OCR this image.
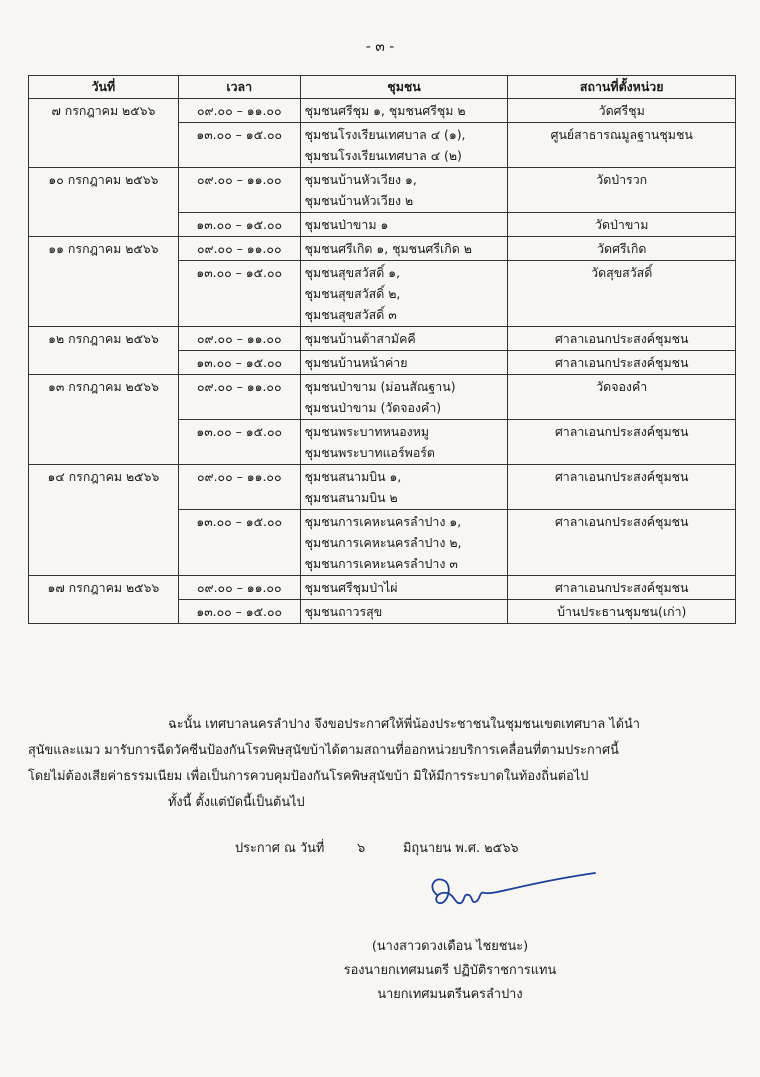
- ๓ -
วันที่	เวลา	ชุมชน	สถานที่ตั้งหน่วย
๗ กรกฎาคม ๒๕๖๖	๐๙.๐๐ – ๑๑.๐๐	ชุมชนศรีชุม ๑, ชุมชนศรีชุม ๒	วัดศรีชุม
	๑๓.๐๐ – ๑๕.๐๐	ชุมชนโรงเรียนเทศบาล ๔ (๑),
ชุมชนโรงเรียนเทศบาล ๔ (๒)	ศูนย์สาธารณมูลฐานชุมชน
๑๐ กรกฎาคม ๒๕๖๖	๐๙.๐๐ – ๑๑.๐๐	ชุมชนบ้านหัวเวียง ๑,
ชุมชนบ้านหัวเวียง ๒	วัดป่ารวก
	๑๓.๐๐ – ๑๕.๐๐	ชุมชนป่าขาม ๑	วัดป่าขาม
๑๑ กรกฎาคม ๒๕๖๖	๐๙.๐๐ – ๑๑.๐๐	ชุมชนศรีเกิด ๑, ชุมชนศรีเกิด ๒	วัดศรีเกิด
	๑๓.๐๐ – ๑๕.๐๐	ชุมชนสุขสวัสดิ์ ๑,
ชุมชนสุขสวัสดิ์ ๒,
ชุมชนสุขสวัสดิ์ ๓	วัดสุขสวัสดิ์
๑๒ กรกฎาคม ๒๕๖๖	๐๙.๐๐ – ๑๑.๐๐	ชุมชนบ้านต้าสามัคคี	ศาลาเอนกประสงค์ชุมชน
	๑๓.๐๐ – ๑๕.๐๐	ชุมชนบ้านหน้าค่าย	ศาลาเอนกประสงค์ชุมชน
๑๓ กรกฎาคม ๒๕๖๖	๐๙.๐๐ – ๑๑.๐๐	ชุมชนป่าขาม (ม่อนสัณฐาน)
ชุมชนป่าขาม (วัดจองคำ)	วัดจองคำ
	๑๓.๐๐ – ๑๕.๐๐	ชุมชนพระบาทหนองหมู
ชุมชนพระบาทแอร์พอร์ต	ศาลาเอนกประสงค์ชุมชน
๑๔ กรกฎาคม ๒๕๖๖	๐๙.๐๐ – ๑๑.๐๐	ชุมชนสนามบิน ๑,
ชุมชนสนามบิน ๒	ศาลาเอนกประสงค์ชุมชน
	๑๓.๐๐ – ๑๕.๐๐	ชุมชนการเคหะนครลำปาง ๑,
ชุมชนการเคหะนครลำปาง ๒,
ชุมชนการเคหะนครลำปาง ๓	ศาลาเอนกประสงค์ชุมชน
๑๗ กรกฎาคม ๒๕๖๖	๐๙.๐๐ – ๑๑.๐๐	ชุมชนศรีชุมป่าไผ่	ศาลาเอนกประสงค์ชุมชน
	๑๓.๐๐ – ๑๕.๐๐	ชุมชนถาวรสุข	บ้านประธานชุมชน(เก่า)

ฉะนั้น เทศบาลนครลำปาง จึงขอประกาศให้พี่น้องประชาชนในชุมชนเขตเทศบาล ได้นำ

สุนัขและแมว มารับการฉีดวัคซีนป้องกันโรคพิษสุนัขบ้าได้ตามสถานที่ออกหน่วยบริการเคลื่อนที่ตามประกาศนี้

โดยไม่ต้องเสียค่าธรรมเนียม เพื่อเป็นการควบคุมป้องกันโรคพิษสุนัขบ้า มิให้มีการระบาดในท้องถิ่นต่อไป

ทั้งนี้ ตั้งแต่บัดนี้เป็นต้นไป

ประกาศ ณ วันที่	๖	มิถุนายน พ.ศ. ๒๕๖๖
(นางสาวดวงเดือน ไชยชนะ)
รองนายกเทศมนตรี ปฏิบัติราชการแทน
นายกเทศมนตรีนครลำปาง
